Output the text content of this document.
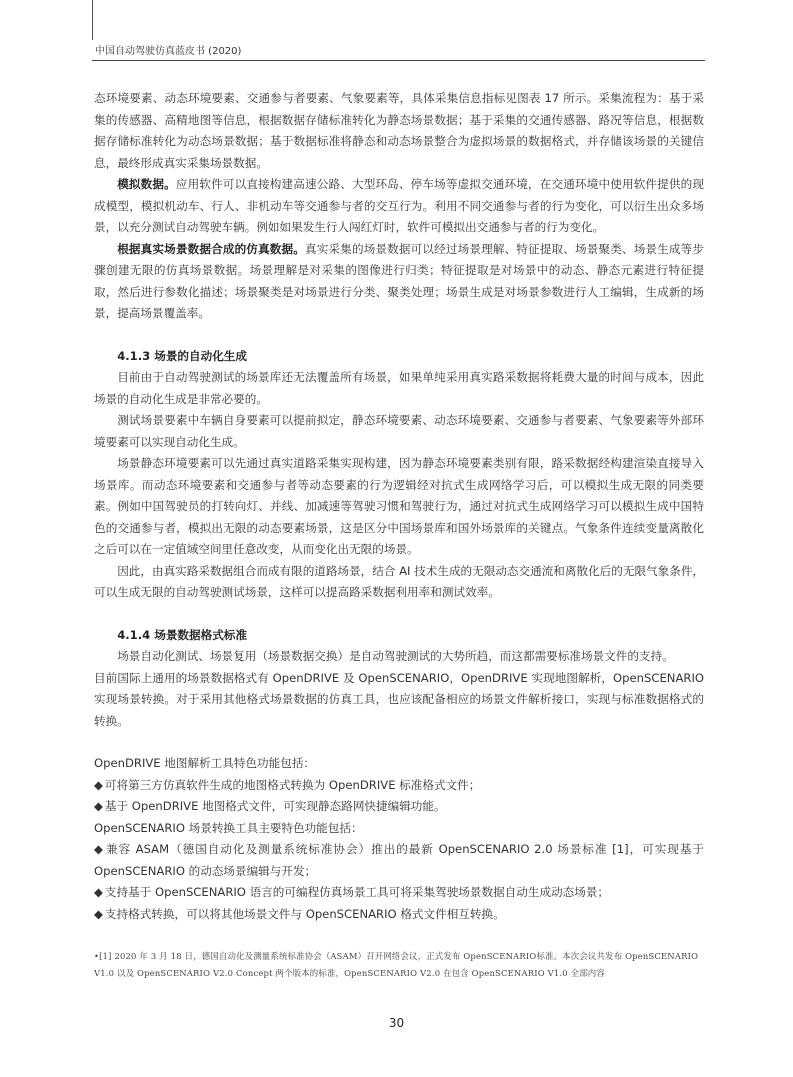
中国自动驾驶仿真蓝皮书 (2020)

态环境要素、动态环境要素、交通参与者要素、气象要素等，具体采集信息指标见图表 17 所示。采集流程为：基于采集的传感器、高精地图等信息，根据数据存储标准转化为静态场景数据；基于采集的交通传感器、路况等信息，根据数据存储标准转化为动态场景数据；基于数据标准将静态和动态场景整合为虚拟场景的数据格式，并存储该场景的关键信息，最终形成真实采集场景数据。

模拟数据。应用软件可以直接构建高速公路、大型环岛、停车场等虚拟交通环境，在交通环境中使用软件提供的现成模型，模拟机动车、行人、非机动车等交通参与者的交互行为。利用不同交通参与者的行为变化，可以衍生出众多场景，以充分测试自动驾驶车辆。例如如果发生行人闯红灯时，软件可模拟出交通参与者的行为变化。

根据真实场景数据合成的仿真数据。真实采集的场景数据可以经过场景理解、特征提取、场景聚类、场景生成等步骤创建无限的仿真场景数据。场景理解是对采集的图像进行归类；特征提取是对场景中的动态、静态元素进行特征提取，然后进行参数化描述；场景聚类是对场景进行分类、聚类处理；场景生成是对场景参数进行人工编辑，生成新的场景，提高场景覆盖率。

4.1.3 场景的自动化生成

目前由于自动驾驶测试的场景库还无法覆盖所有场景，如果单纯采用真实路采数据将耗费大量的时间与成本，因此场景的自动化生成是非常必要的。

测试场景要素中车辆自身要素可以提前拟定，静态环境要素、动态环境要素、交通参与者要素、气象要素等外部环境要素可以实现自动化生成。

场景静态环境要素可以先通过真实道路采集实现构建，因为静态环境要素类别有限，路采数据经构建渲染直接导入场景库。而动态环境要素和交通参与者等动态要素的行为逻辑经对抗式生成网络学习后，可以模拟生成无限的同类要素。例如中国驾驶员的打转向灯、并线、加减速等驾驶习惯和驾驶行为，通过对抗式生成网络学习可以模拟生成中国特色的交通参与者，模拟出无限的动态要素场景，这是区分中国场景库和国外场景库的关键点。气象条件连续变量离散化之后可以在一定值域空间里任意改变，从而变化出无限的场景。

因此，由真实路采数据组合而成有限的道路场景，结合 AI 技术生成的无限动态交通流和离散化后的无限气象条件，可以生成无限的自动驾驶测试场景，这样可以提高路采数据利用率和测试效率。

4.1.4 场景数据格式标准

场景自动化测试、场景复用（场景数据交换）是自动驾驶测试的大势所趋，而这都需要标准场景文件的支持。

目前国际上通用的场景数据格式有 OpenDRIVE 及 OpenSCENARIO，OpenDRIVE 实现地图解析，OpenSCENARIO 实现场景转换。对于采用其他格式场景数据的仿真工具，也应该配备相应的场景文件解析接口，实现与标准数据格式的转换。

OpenDRIVE 地图解析工具特色功能包括：

◆ 可将第三方仿真软件生成的地图格式转换为 OpenDRIVE 标准格式文件；

◆ 基于 OpenDRIVE 地图格式文件，可实现静态路网快捷编辑功能。

OpenSCENARIO 场景转换工具主要特色功能包括：

◆ 兼容 ASAM（德国自动化及测量系统标准协会）推出的最新 OpenSCENARIO 2.0 场景标准 [1]，可实现基于 OpenSCENARIO 的动态场景编辑与开发；

◆ 支持基于 OpenSCENARIO 语言的可编程仿真场景工具可将采集驾驶场景数据自动生成动态场景；

◆ 支持格式转换，可以将其他场景文件与 OpenSCENARIO 格式文件相互转换。

•[1] 2020 年 3 月 18 日，德国自动化及测量系统标准协会（ASAM）召开网络会议，正式发布 OpenSCENARIO标准。本次会议共发布 OpenSCENARIO V1.0 以及 OpenSCENARIO V2.0 Concept 两个版本的标准，OpenSCENARIO V2.0 在包含 OpenSCENARIO V1.0 全部内容

30
